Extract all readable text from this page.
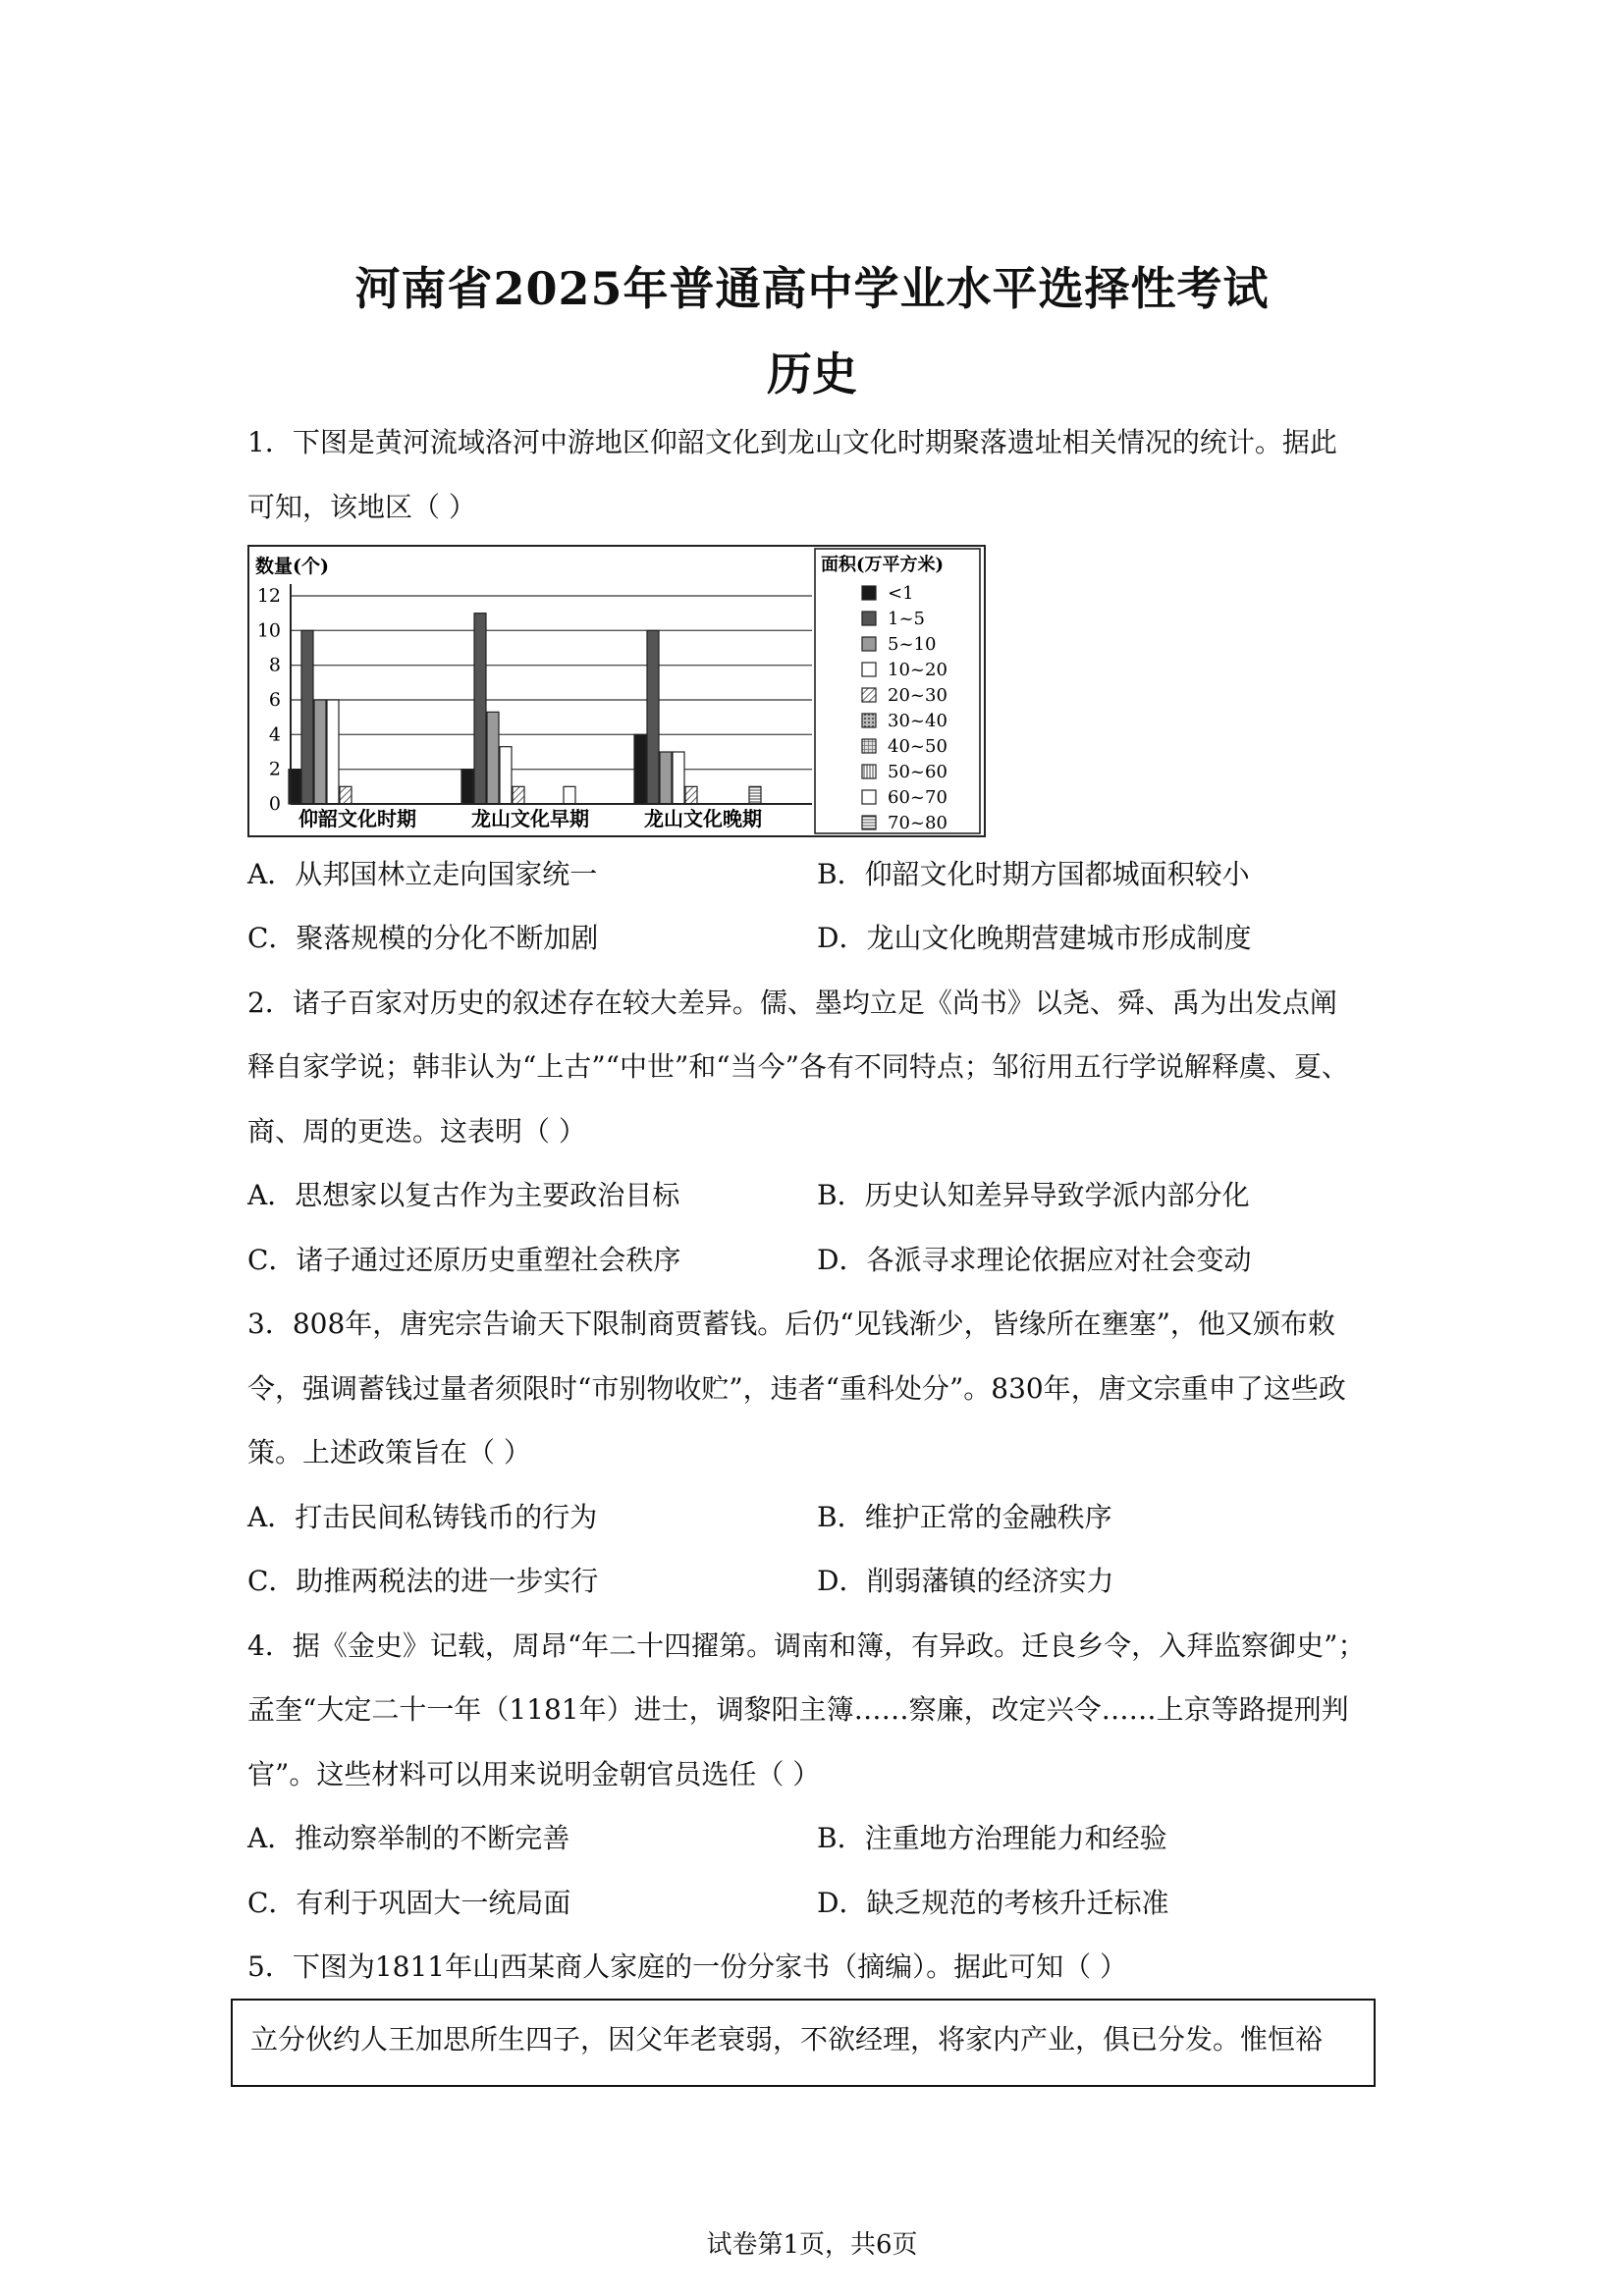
河南省2025年普通高中学业水平选择性考试
历史
1．下图是黄河流域洛河中游地区仰韶文化到龙山文化时期聚落遗址相关情况的统计。据此
可知，该地区（ ）
数量(个)
0
2
4
6
8
10
12
仰韶文化时期	龙山文化早期	龙山文化晚期
面积(万平方米)
<1
1~5
5~10
10~20
20~30
30~40
40~50
50~60
60~70
70~80
A．从邦国林立走向国家统一	B．仰韶文化时期方国都城面积较小
C．聚落规模的分化不断加剧	D．龙山文化晚期营建城市形成制度
2．诸子百家对历史的叙述存在较大差异。儒、墨均立足《尚书》以尧、舜、禹为出发点阐
释自家学说；韩非认为“上古”“中世”和“当今”各有不同特点；邹衍用五行学说解释虞、夏、
商、周的更迭。这表明（ ）
A．思想家以复古作为主要政治目标	B．历史认知差异导致学派内部分化
C．诸子通过还原历史重塑社会秩序	D．各派寻求理论依据应对社会变动
3．808年，唐宪宗告谕天下限制商贾蓄钱。后仍“见钱渐少，皆缘所在壅塞”，他又颁布敕
令，强调蓄钱过量者须限时“市别物收贮”，违者“重科处分”。830年，唐文宗重申了这些政
策。上述政策旨在（ ）
A．打击民间私铸钱币的行为	B．维护正常的金融秩序
C．助推两税法的进一步实行	D．削弱藩镇的经济实力
4．据《金史》记载，周昂“年二十四擢第。调南和簿，有异政。迁良乡令，入拜监察御史”；
孟奎“大定二十一年（1181年）进士，调黎阳主簿……察廉，改定兴令……上京等路提刑判
官”。这些材料可以用来说明金朝官员选任（ ）
A．推动察举制的不断完善	B．注重地方治理能力和经验
C．有利于巩固大一统局面	D．缺乏规范的考核升迁标准
5．下图为1811年山西某商人家庭的一份分家书（摘编）。据此可知（ ）
立分伙约人王加思所生四子，因父年老衰弱，不欲经理，将家内产业，俱已分发。惟恒裕
试卷第1页，共6页
